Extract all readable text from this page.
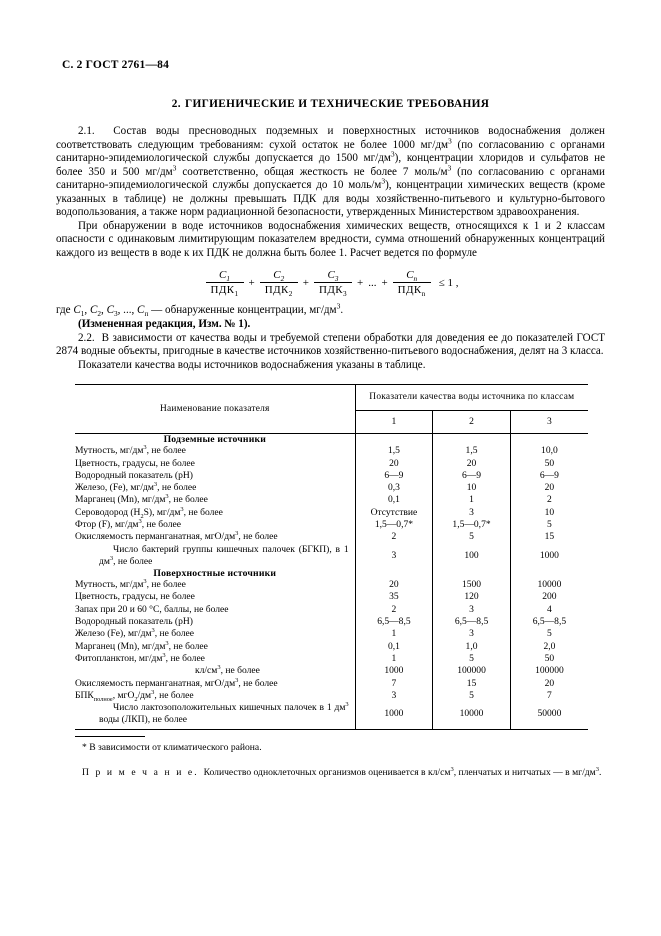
С. 2 ГОСТ 2761—84
2. ГИГИЕНИЧЕСКИЕ И ТЕХНИЧЕСКИЕ ТРЕБОВАНИЯ

2.1. Состав воды пресноводных подземных и поверхностных источников водоснабжения должен соответствовать следующим требованиям: сухой остаток не более 1000 $мг/дм^3$ (по согласованию с органами санитарно-эпидемиологической службы допускается до 1500 $мг/дм^3$), концентрации хлоридов и сульфатов не более 350 и 500 $мг/дм^3$ соответственно, общая жесткость не более 7 моль/$м^3$ (по согласованию с органами санитарно-эпидемиологической службы допускается до 10 моль/$м^3$), концентрации химических веществ (кроме указанных в таблице) не должны превышать ПДК для воды хозяйственно-питьевого и культурно-бытового водопользования, а также норм радиационной безопасности, утвержденных Министерством здравоохранения.

При обнаружении в воде источников водоснабжения химических веществ, относящихся к 1 и 2 классам опасности с одинаковым лимитирующим показателем вредности, сумма отношений обнаруженных концентраций каждого из веществ в воде к их ПДК не должна быть более 1. Расчет ведется по формуле

$\frac{C_1}{ПДК_1} + \frac{C_2}{ПДК_2} + \frac{C_3}{ПДК_3}$ + ... + $\frac{C_n}{ПДК_n} \le 1$ ,

где $C_1$, $C_2$, $C_3$, ..., $C_п$ — обнаруженные концентрации, $мг/дм^3$.

(Измененная редакция, Изм. № 1).

2.2. В зависимости от качества воды и требуемой степени обработки для доведения ее до показателей ГОСТ 2874 водные объекты, пригодные в качестве источников хозяйственно-питьевого водоснабжения, делят на 3 класса.

Показатели качества воды источников водоснабжения указаны в таблице.

Наименование показателя	Показатели качества воды источника по классам		
	1	2	3
Подземные источники			
Мутность, $мг/дм^3$, не более	1,5	1,5	10,0
Цветность, градусы, не более	20	20	50
Водородный показатель (pH)	6—9	6—9	6—9
Железо, (Fe), $мг/дм^3$, не более	0,3	10	20
Марганец (Mn), $мг/дм^3$, не более	0,1	1	2
Сероводород $(H_2S)$, $мг/дм^3$, не более	Отсутствие	3	10
Фтор (F), $мг/дм^3$, не более	1,5—0,7*	1,5—0,7*	5
Окисляемость перманганатная, мгО/$дм^3$, не более	2	5	15
Число бактерий группы кишечных палочек (БГКП), в 1 $дм^3$, не более	3	100	1000
Поверхностные источники			
Мутность, $мг/дм^3$, не более	20	1500	10000
Цветность, градусы, не более	35	120	200
Запах при 20 и 60 °С, баллы, не более	2	3	4
Водородный показатель (pH)	6,5—8,5	6,5—8,5	6,5—8,5
Железо (Fe), $мг/дм^3$, не более	1	3	5
Марганец (Mn), $мг/дм^3$, не более	0,1	1,0	2,0
Фитопланктон, $мг/дм^3$, не более	1	5	50
$кл/см^3$, не более	1000	100000	100000
Окисляемость перманганатная, мгО/$дм^3$, не более	7	15	20
$БПК_{полное}$, $мгО_2/дм^3$, не более	3	5	7
Число лактозоположительных кишечных палочек в 1 $дм^3$ воды (ЛКП), не более	1000	10000	50000

* В зависимости от климатического района.

П р и м е ч а н и е. Количество одноклеточных организмов оценивается в $кл/см^3$, пленчатых и нитчатых — в $мг/дм^3$.
